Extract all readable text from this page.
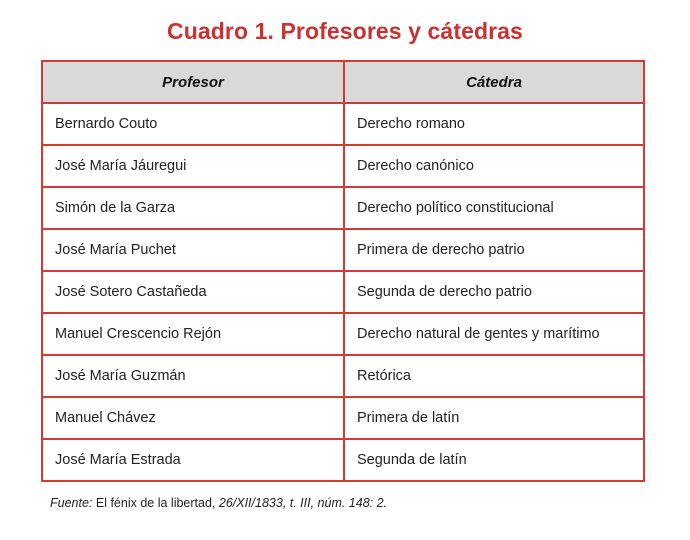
Cuadro 1. Profesores y cátedras
Profesor	Cátedra
Bernardo Couto	Derecho romano
José María Jáuregui	Derecho canónico
Simón de la Garza	Derecho político constitucional
José María Puchet	Primera de derecho patrio
José Sotero Castañeda	Segunda de derecho patrio
Manuel Crescencio Rejón	Derecho natural de gentes y marítimo
José María Guzmán	Retórica
Manuel Chávez	Primera de latín
José María Estrada	Segunda de latín
Fuente: El fénix de la libertad, 26/XII/1833, t. III, núm. 148: 2.
